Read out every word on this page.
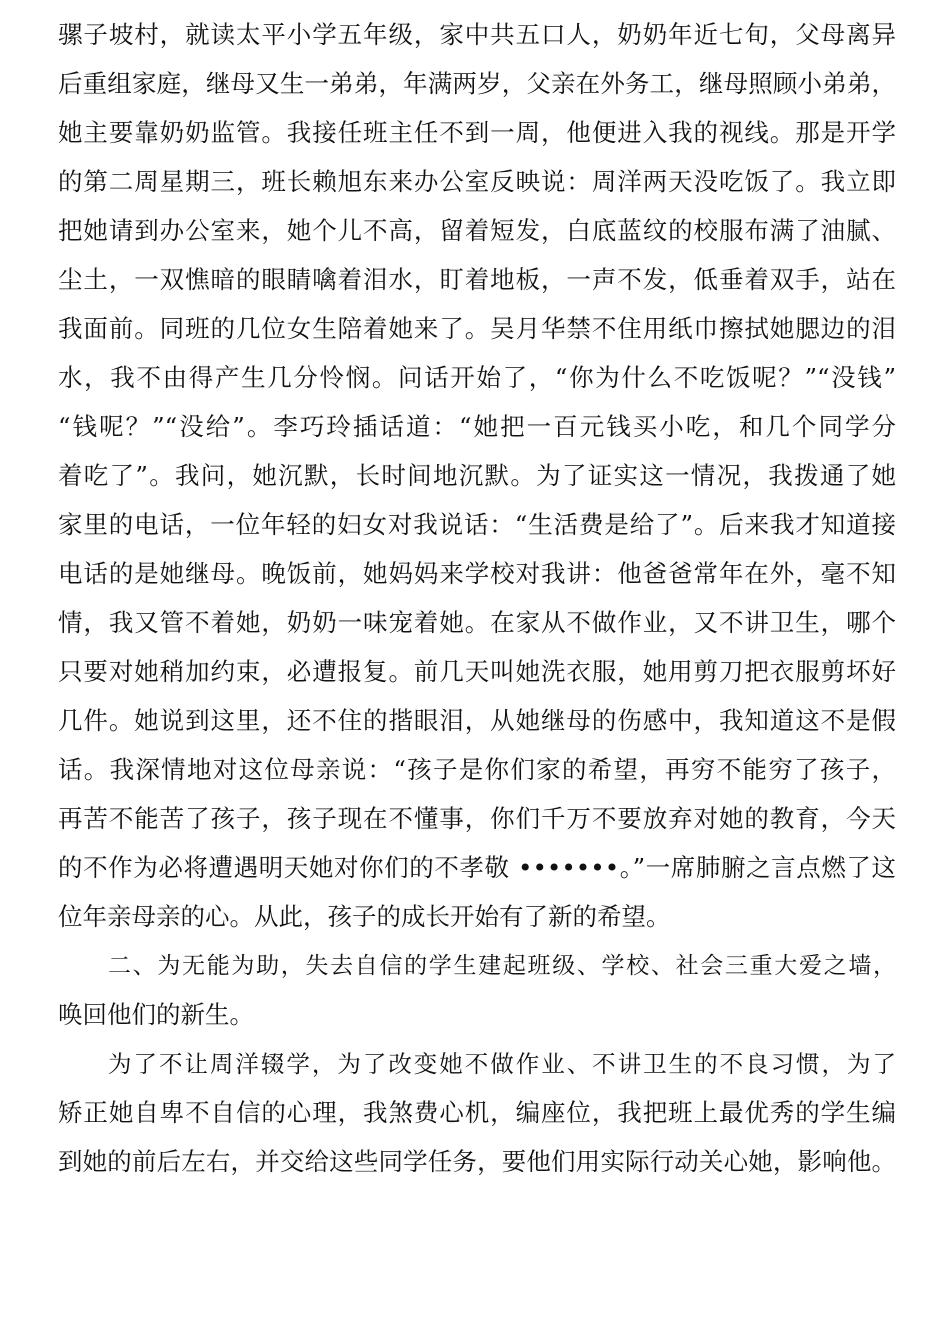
骡子坡村，就读太平小学五年级，家中共五口人，奶奶年近七旬，父母离异
后重组家庭，继母又生一弟弟，年满两岁，父亲在外务工，继母照顾小弟弟，
她主要靠奶奶监管。我接任班主任不到一周，他便进入我的视线。那是开学
的第二周星期三，班长赖旭东来办公室反映说：周洋两天没吃饭了。我立即
把她请到办公室来，她个儿不高，留着短发，白底蓝纹的校服布满了油腻、
尘土，一双憔暗的眼睛噙着泪水，盯着地板，一声不发，低垂着双手，站在
我面前。同班的几位女生陪着她来了。吴月华禁不住用纸巾擦拭她腮边的泪
水，我不由得产生几分怜悯。问话开始了，“你为什么不吃饭呢？”“没钱”
“钱呢？”“没给”。李巧玲插话道：“她把一百元钱买小吃，和几个同学分
着吃了”。我问，她沉默，长时间地沉默。为了证实这一情况，我拨通了她
家里的电话，一位年轻的妇女对我说话：“生活费是给了”。后来我才知道接
电话的是她继母。晚饭前，她妈妈来学校对我讲：他爸爸常年在外，毫不知
情，我又管不着她，奶奶一味宠着她。在家从不做作业，又不讲卫生，哪个
只要对她稍加约束，必遭报复。前几天叫她洗衣服，她用剪刀把衣服剪坏好
几件。她说到这里，还不住的揩眼泪，从她继母的伤感中，我知道这不是假
话。我深情地对这位母亲说：“孩子是你们家的希望，再穷不能穷了孩子，
再苦不能苦了孩子，孩子现在不懂事，你们千万不要放弃对她的教育，今天
的不作为必将遭遇明天她对你们的不孝敬 •••••••。”一席肺腑之言点燃了这
位年亲母亲的心。从此，孩子的成长开始有了新的希望。
二、为无能为助，失去自信的学生建起班级、学校、社会三重大爱之墙，
唤回他们的新生。
为了不让周洋辍学，为了改变她不做作业、不讲卫生的不良习惯，为了
矫正她自卑不自信的心理，我煞费心机，编座位，我把班上最优秀的学生编
到她的前后左右，并交给这些同学任务，要他们用实际行动关心她，影响他。
